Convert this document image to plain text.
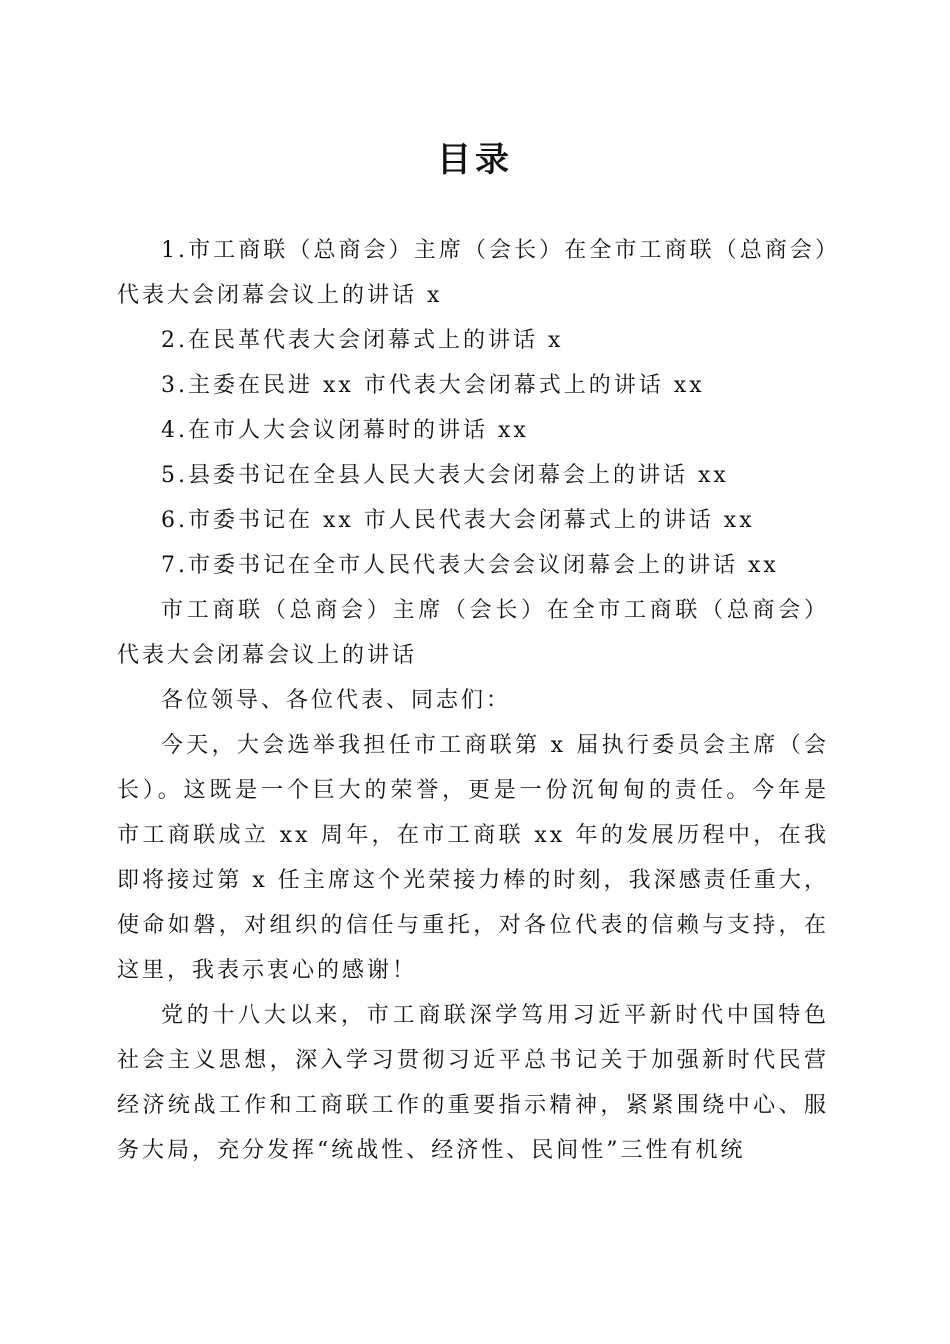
目录

1.市工商联（总商会）主席（会长）在全市工商联（总商会）代表大会闭幕会议上的讲话 x

2.在民革代表大会闭幕式上的讲话 x

3.主委在民进 xx 市代表大会闭幕式上的讲话 xx

4.在市人大会议闭幕时的讲话 xx

5.县委书记在全县人民大表大会闭幕会上的讲话 xx

6.市委书记在 xx 市人民代表大会闭幕式上的讲话 xx

7.市委书记在全市人民代表大会会议闭幕会上的讲话 xx

市工商联（总商会）主席（会长）在全市工商联（总商会）代表大会闭幕会议上的讲话

各位领导、各位代表、同志们：

今天，大会选举我担任市工商联第 x 届执行委员会主席（会长）。这既是一个巨大的荣誉，更是一份沉甸甸的责任。今年是市工商联成立 xx 周年，在市工商联 xx 年的发展历程中，在我即将接过第 x 任主席这个光荣接力棒的时刻，我深感责任重大，使命如磐，对组织的信任与重托，对各位代表的信赖与支持，在这里，我表示衷心的感谢！

党的十八大以来，市工商联深学笃用习近平新时代中国特色社会主义思想，深入学习贯彻习近平总书记关于加强新时代民营经济统战工作和工商联工作的重要指示精神，紧紧围绕中心、服务大局，充分发挥“统战性、经济性、民间性”三性有机统
